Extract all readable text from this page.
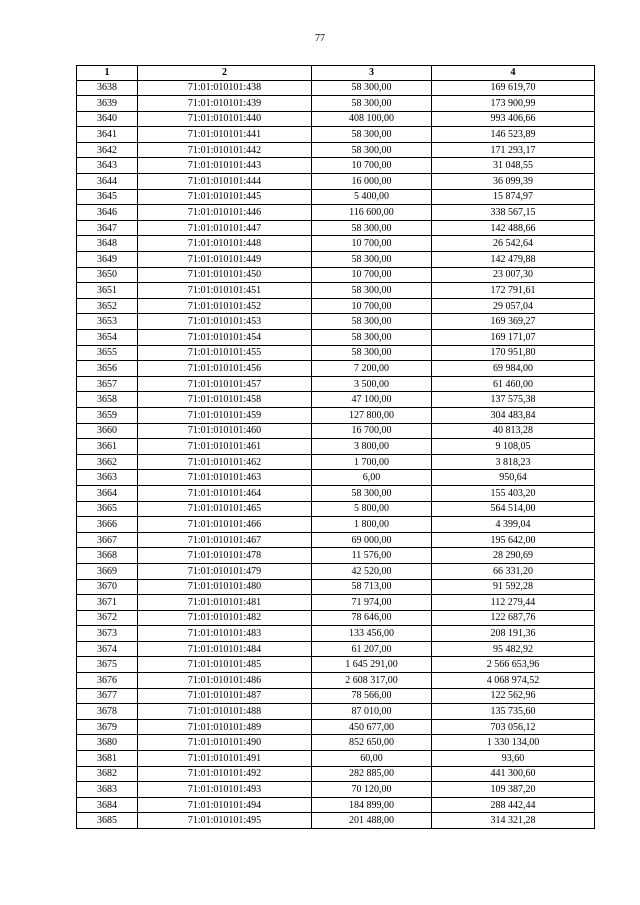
77
1	2	3	4
3638	71:01:010101:438	58 300,00	169 619,70
3639	71:01:010101:439	58 300,00	173 900,99
3640	71:01:010101:440	408 100,00	993 406,66
3641	71:01:010101:441	58 300,00	146 523,89
3642	71:01:010101:442	58 300,00	171 293,17
3643	71:01:010101:443	10 700,00	31 048,55
3644	71:01:010101:444	16 000,00	36 099,39
3645	71:01:010101:445	5 400,00	15 874,97
3646	71:01:010101:446	116 600,00	338 567,15
3647	71:01:010101:447	58 300,00	142 488,66
3648	71:01:010101:448	10 700,00	26 542,64
3649	71:01:010101:449	58 300,00	142 479,88
3650	71:01:010101:450	10 700,00	23 007,30
3651	71:01:010101:451	58 300,00	172 791,61
3652	71:01:010101:452	10 700,00	29 057,04
3653	71:01:010101:453	58 300,00	169 369,27
3654	71:01:010101:454	58 300,00	169 171,07
3655	71:01:010101:455	58 300,00	170 951,80
3656	71:01:010101:456	7 200,00	69 984,00
3657	71:01:010101:457	3 500,00	61 460,00
3658	71:01:010101:458	47 100,00	137 575,38
3659	71:01:010101:459	127 800,00	304 483,84
3660	71:01:010101:460	16 700,00	40 813,28
3661	71:01:010101:461	3 800,00	9 108,05
3662	71:01:010101:462	1 700,00	3 818,23
3663	71:01:010101:463	6,00	950,64
3664	71:01:010101:464	58 300,00	155 403,20
3665	71:01:010101:465	5 800,00	564 514,00
3666	71:01:010101:466	1 800,00	4 399,04
3667	71:01:010101:467	69 000,00	195 642,00
3668	71:01:010101:478	11 576,00	28 290,69
3669	71:01:010101:479	42 520,00	66 331,20
3670	71:01:010101:480	58 713,00	91 592,28
3671	71:01:010101:481	71 974,00	112 279,44
3672	71:01:010101:482	78 646,00	122 687,76
3673	71:01:010101:483	133 456,00	208 191,36
3674	71:01:010101:484	61 207,00	95 482,92
3675	71:01:010101:485	1 645 291,00	2 566 653,96
3676	71:01:010101:486	2 608 317,00	4 068 974,52
3677	71:01:010101:487	78 566,00	122 562,96
3678	71:01:010101:488	87 010,00	135 735,60
3679	71:01:010101:489	450 677,00	703 056,12
3680	71:01:010101:490	852 650,00	1 330 134,00
3681	71:01:010101:491	60,00	93,60
3682	71:01:010101:492	282 885,00	441 300,60
3683	71:01:010101:493	70 120,00	109 387,20
3684	71:01:010101:494	184 899,00	288 442,44
3685	71:01:010101:495	201 488,00	314 321,28
